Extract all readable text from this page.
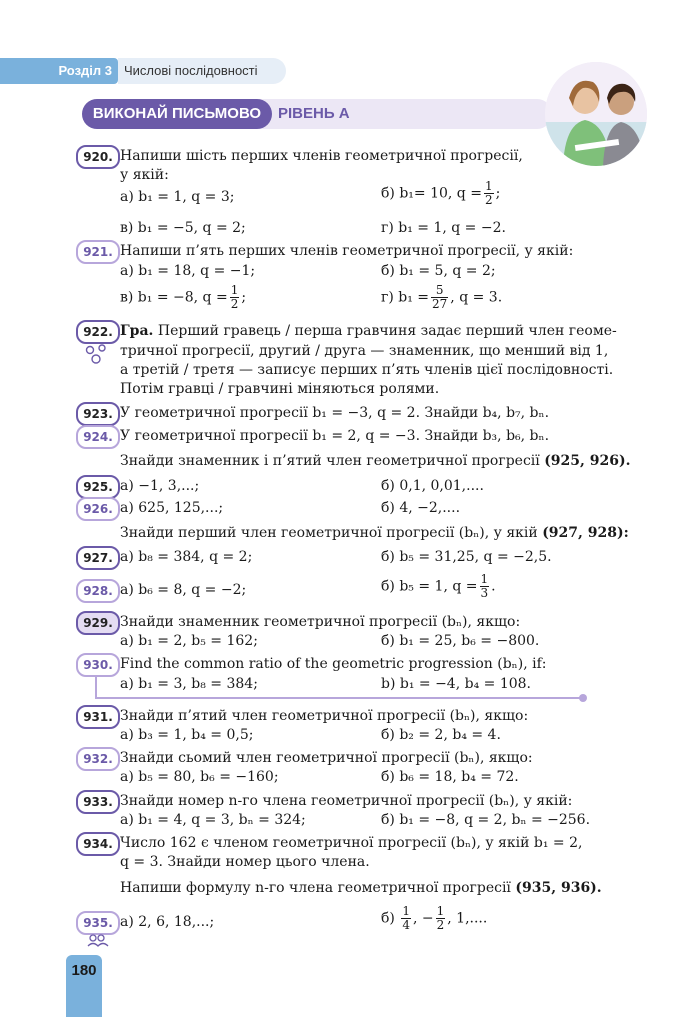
Розділ 3 Числові послідовності
ВИКОНАЙ ПИСЬМОВО	РІВЕНЬ А
920. Напиши шість перших членів геометричної прогресії,
у якій:
а) b₁ = 1, q = 3;	б) b₁= 10, $q = \frac{1}{2}$ ;
в) b₁ = −5, q = 2;	г) b₁ = 1, q = −2.
921. Напиши п’ять перших членів геометричної прогресії, у якій:
а) b₁ = 18, q = −1;	б) b₁ = 5, q = 2;
в) b₁ = −8, $q = \frac{1}{2}$ ;	г) $b_1 = \frac{5}{27}$ , q = 3.
922. Гра. Перший гравець / перша гравчиня задає перший член геоме-
тричної прогресії, другий / друга — знаменник, що менший від 1,
а третій / третя — записує перших п’ять членів цієї послідовності.
Потім гравці / гравчині міняються ролями.
923. У геометричної прогресії b₁ = −3, q = 2. Знайди b₄, b₇, bₙ.
924. У геометричної прогресії b₁ = 2, q = −3. Знайди b₃, b₆, bₙ.
Знайди знаменник і п’ятий член геометричної прогресії (925, 926).
925. а) −1, 3,...;	б) 0,1, 0,01,....
926. а) 625, 125,...;	б) 4, −2,....
Знайди перший член геометричної прогресії (bₙ), у якій (927, 928):
927. а) b₈ = 384, q = 2;	б) b₅ = 31,25, q = −2,5.
928. а) b₆ = 8, q = −2;	б) b₅ = 1, $q = \frac{1}{3}$ .
929. Знайди знаменник геометричної прогресії (bₙ), якщо:
а) b₁ = 2, b₅ = 162;	б) b₁ = 25, b₆ = −800.
930. Find the common ratio of the geometric progression (bₙ), if:
а) b₁ = 3, b₈ = 384;	b) b₁ = −4, b₄ = 108.
931. Знайди п’ятий член геометричної прогресії (bₙ), якщо:
а) b₃ = 1, b₄ = 0,5;	б) b₂ = 2, b₄ = 4.
932. Знайди сьомий член геометричної прогресії (bₙ), якщо:
а) b₅ = 80, b₆ = −160;	б) b₆ = 18, b₄ = 72.
933. Знайди номер n-го члена геометричної прогресії (bₙ), у якій:
а) b₁ = 4, q = 3, bₙ = 324;	б) b₁ = −8, q = 2, bₙ = −256.
934. Число 162 є членом геометричної прогресії (bₙ), у якій b₁ = 2,
q = 3. Знайди номер цього члена.
Напиши формулу n-го члена геометричної прогресії (935, 936).
935. а) 2, 6, 18,...;	$б) \frac{1}{4}$ , − $\frac{1}{2}$ , 1,....
180
